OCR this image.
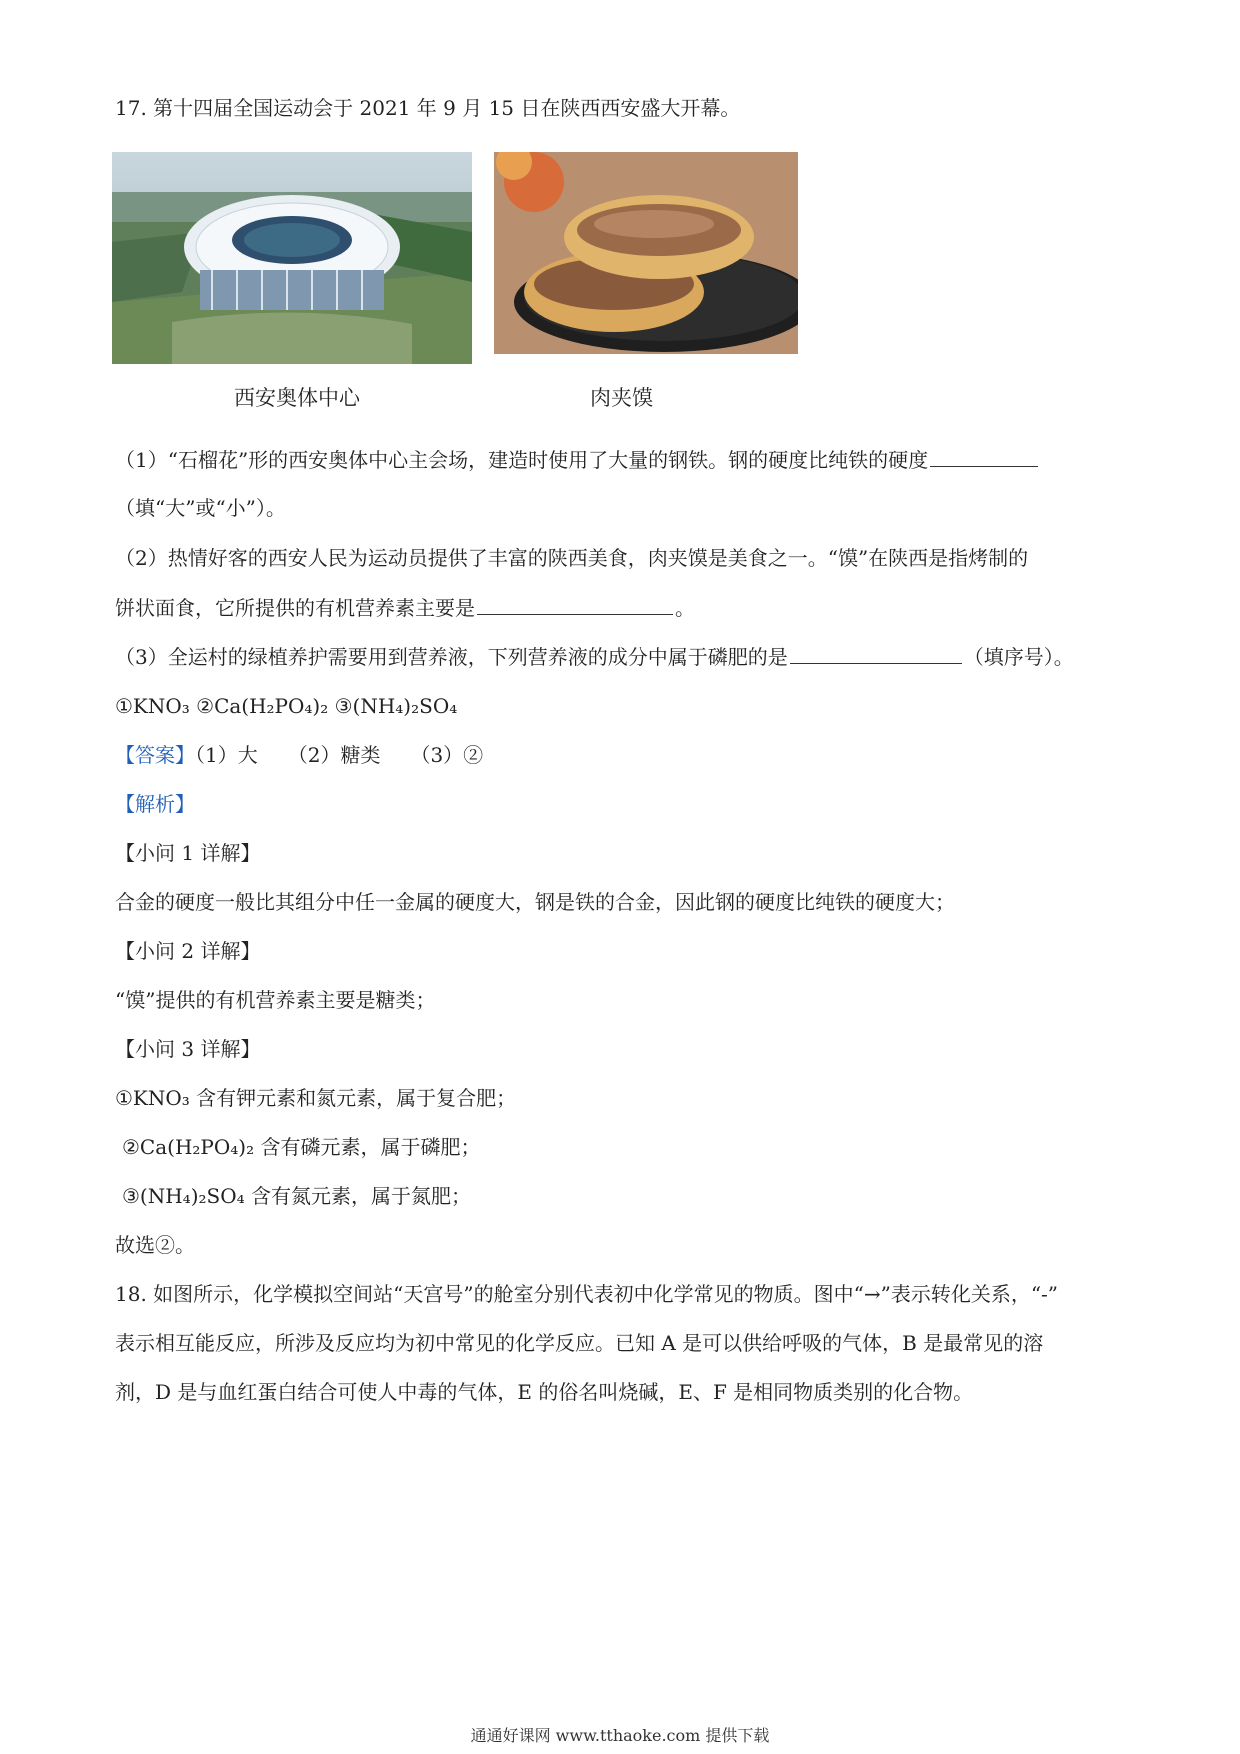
17. 第十四届全国运动会于 2021 年 9 月 15 日在陕西西安盛大开幕。
西安奥体中心	肉夹馍
（1）“石榴花”形的西安奥体中心主会场，建造时使用了大量的钢铁。钢的硬度比纯铁的硬度
（填“大”或“小”）。
（2）热情好客的西安人民为运动员提供了丰富的陕西美食，肉夹馍是美食之一。“馍”在陕西是指烤制的
饼状面食，它所提供的有机营养素主要是	。
（3）全运村的绿植养护需要用到营养液，下列营养液的成分中属于磷肥的是	（填序号）。
①KNO₃ ②Ca(H₂PO₄)₂ ③(NH₄)₂SO₄
【答案】（1）大　　（2）糖类　　（3）②
【解析】
【小问 1 详解】
合金的硬度一般比其组分中任一金属的硬度大，钢是铁的合金，因此钢的硬度比纯铁的硬度大；
【小问 2 详解】
“馍”提供的有机营养素主要是糖类；
【小问 3 详解】
①KNO₃ 含有钾元素和氮元素，属于复合肥；
②Ca(H₂PO₄)₂ 含有磷元素，属于磷肥；
③(NH₄)₂SO₄ 含有氮元素，属于氮肥；
故选②。
18. 如图所示，化学模拟空间站“天宫号”的舱室分别代表初中化学常见的物质。图中“→”表示转化关系，“-”
表示相互能反应，所涉及反应均为初中常见的化学反应。已知 A 是可以供给呼吸的气体，B 是最常见的溶
剂，D 是与血红蛋白结合可使人中毒的气体，E 的俗名叫烧碱，E、F 是相同物质类别的化合物。
通通好课网 www.tthaoke.com 提供下载
